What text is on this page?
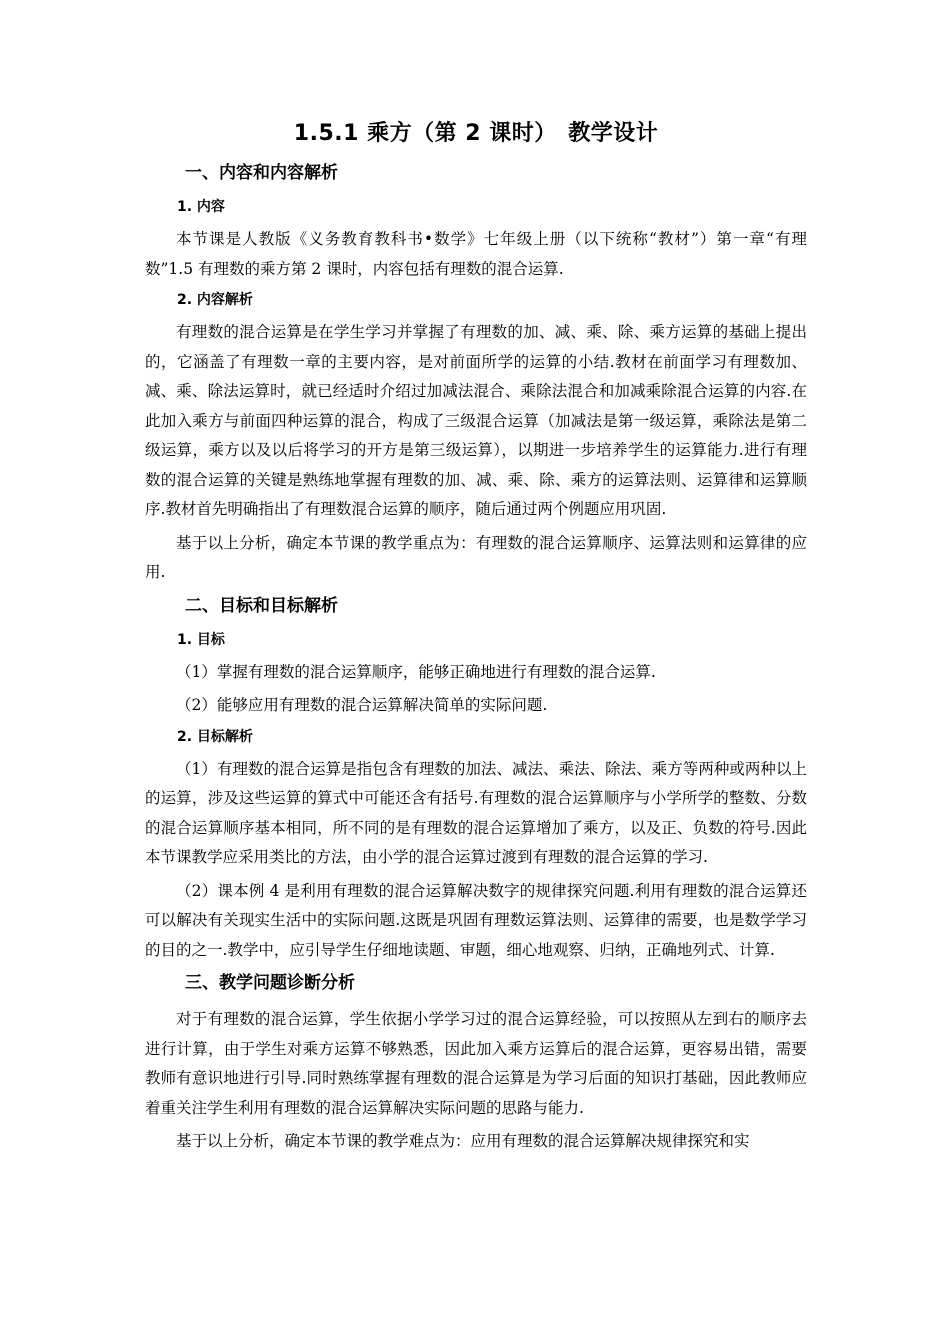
1.5.1 乘方（第 2 课时）　教学设计
一、内容和内容解析
1. 内容

本节课是人教版《义务教育教科书•数学》七年级上册（以下统称“教材”）第一章“有理数”1.5 有理数的乘方第 2 课时，内容包括有理数的混合运算.

2. 内容解析

有理数的混合运算是在学生学习并掌握了有理数的加、减、乘、除、乘方运算的基础上提出的，它涵盖了有理数一章的主要内容，是对前面所学的运算的小结.教材在前面学习有理数加、减、乘、除法运算时，就已经适时介绍过加减法混合、乘除法混合和加减乘除混合运算的内容.在此加入乘方与前面四种运算的混合，构成了三级混合运算（加减法是第一级运算，乘除法是第二级运算，乘方以及以后将学习的开方是第三级运算），以期进一步培养学生的运算能力.进行有理数的混合运算的关键是熟练地掌握有理数的加、减、乘、除、乘方的运算法则、运算律和运算顺序.教材首先明确指出了有理数混合运算的顺序，随后通过两个例题应用巩固.

基于以上分析，确定本节课的教学重点为：有理数的混合运算顺序、运算法则和运算律的应用.

二、目标和目标解析
1. 目标

（1）掌握有理数的混合运算顺序，能够正确地进行有理数的混合运算.

（2）能够应用有理数的混合运算解决简单的实际问题.

2. 目标解析

（1）有理数的混合运算是指包含有理数的加法、减法、乘法、除法、乘方等两种或两种以上的运算，涉及这些运算的算式中可能还含有括号.有理数的混合运算顺序与小学所学的整数、分数的混合运算顺序基本相同，所不同的是有理数的混合运算增加了乘方，以及正、负数的符号.因此本节课教学应采用类比的方法，由小学的混合运算过渡到有理数的混合运算的学习.

（2）课本例 4 是利用有理数的混合运算解决数字的规律探究问题.利用有理数的混合运算还可以解决有关现实生活中的实际问题.这既是巩固有理数运算法则、运算律的需要，也是数学学习的目的之一.教学中，应引导学生仔细地读题、审题，细心地观察、归纳，正确地列式、计算.

三、教学问题诊断分析

对于有理数的混合运算，学生依据小学学习过的混合运算经验，可以按照从左到右的顺序去进行计算，由于学生对乘方运算不够熟悉，因此加入乘方运算后的混合运算，更容易出错，需要教师有意识地进行引导.同时熟练掌握有理数的混合运算是为学习后面的知识打基础，因此教师应着重关注学生利用有理数的混合运算解决实际问题的思路与能力.

基于以上分析，确定本节课的教学难点为：应用有理数的混合运算解决规律探究和实
